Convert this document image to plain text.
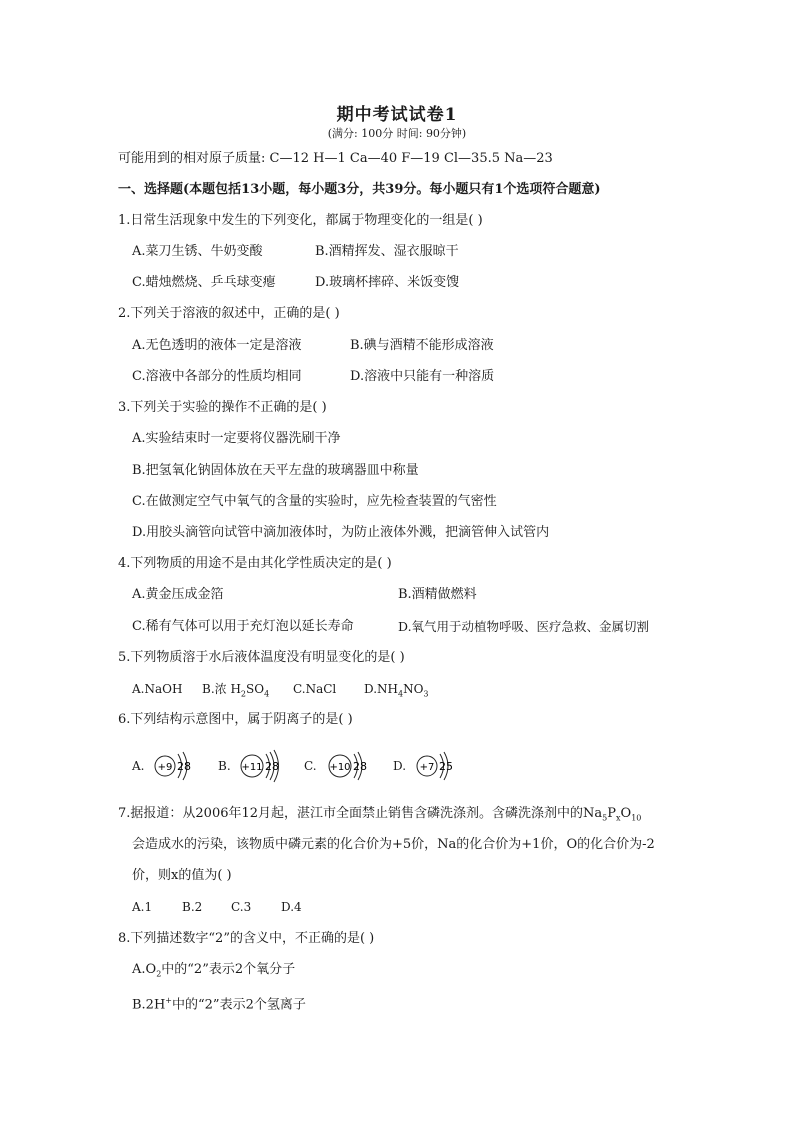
期中考试试卷1
(满分: 100分 时间: 90分钟)
可能用到的相对原子质量: C—12 H—1 Ca—40 F—19 Cl—35.5 Na—23
一、选择题(本题包括13小题，每小题3分，共39分。每小题只有1个选项符合题意)
1.日常生活现象中发生的下列变化，都属于物理变化的一组是( )
A.菜刀生锈、牛奶变酸	B.酒精挥发、湿衣服晾干
C.蜡烛燃烧、乒乓球变瘪	D.玻璃杯摔碎、米饭变馊
2.下列关于溶液的叙述中，正确的是( )
A.无色透明的液体一定是溶液	B.碘与酒精不能形成溶液
C.溶液中各部分的性质均相同	D.溶液中只能有一种溶质
3.下列关于实验的操作不正确的是( )
A.实验结束时一定要将仪器洗刷干净
B.把氢氧化钠固体放在天平左盘的玻璃器皿中称量
C.在做测定空气中氧气的含量的实验时，应先检查装置的气密性
D.用胶头滴管向试管中滴加液体时，为防止液体外溅，把滴管伸入试管内
4.下列物质的用途不是由其化学性质决定的是( )
A.黄金压成金箔	B.酒精做燃料
C.稀有气体可以用于充灯泡以延长寿命	D.氧气用于动植物呼吸、医疗急救、金属切割
5.下列物质溶于水后液体温度没有明显变化的是( )
A.NaOH B.浓 $H_2SO_4$ C.NaCl $D.NH_4NO_3$
6.下列结构示意图中，属于阴离子的是( )
A. +9 28 B. +11 28 C. +10 28 D. +7 25
7.据报道：从2006年12月起，湛江市全面禁止销售含磷洗涤剂。含磷洗涤剂中的$Na_5P_xO_{10}$
会造成水的污染，该物质中磷元素的化合价为+5价，Na的化合价为+1价，O的化合价为-2
价，则x的值为( )
A.1 B.2 C.3 D.4
8.下列描述数字“2”的含义中，不正确的是( )
$A.O_2$中的“2”表示2个氧分子
B.2H+中的“2”表示2个氢离子
